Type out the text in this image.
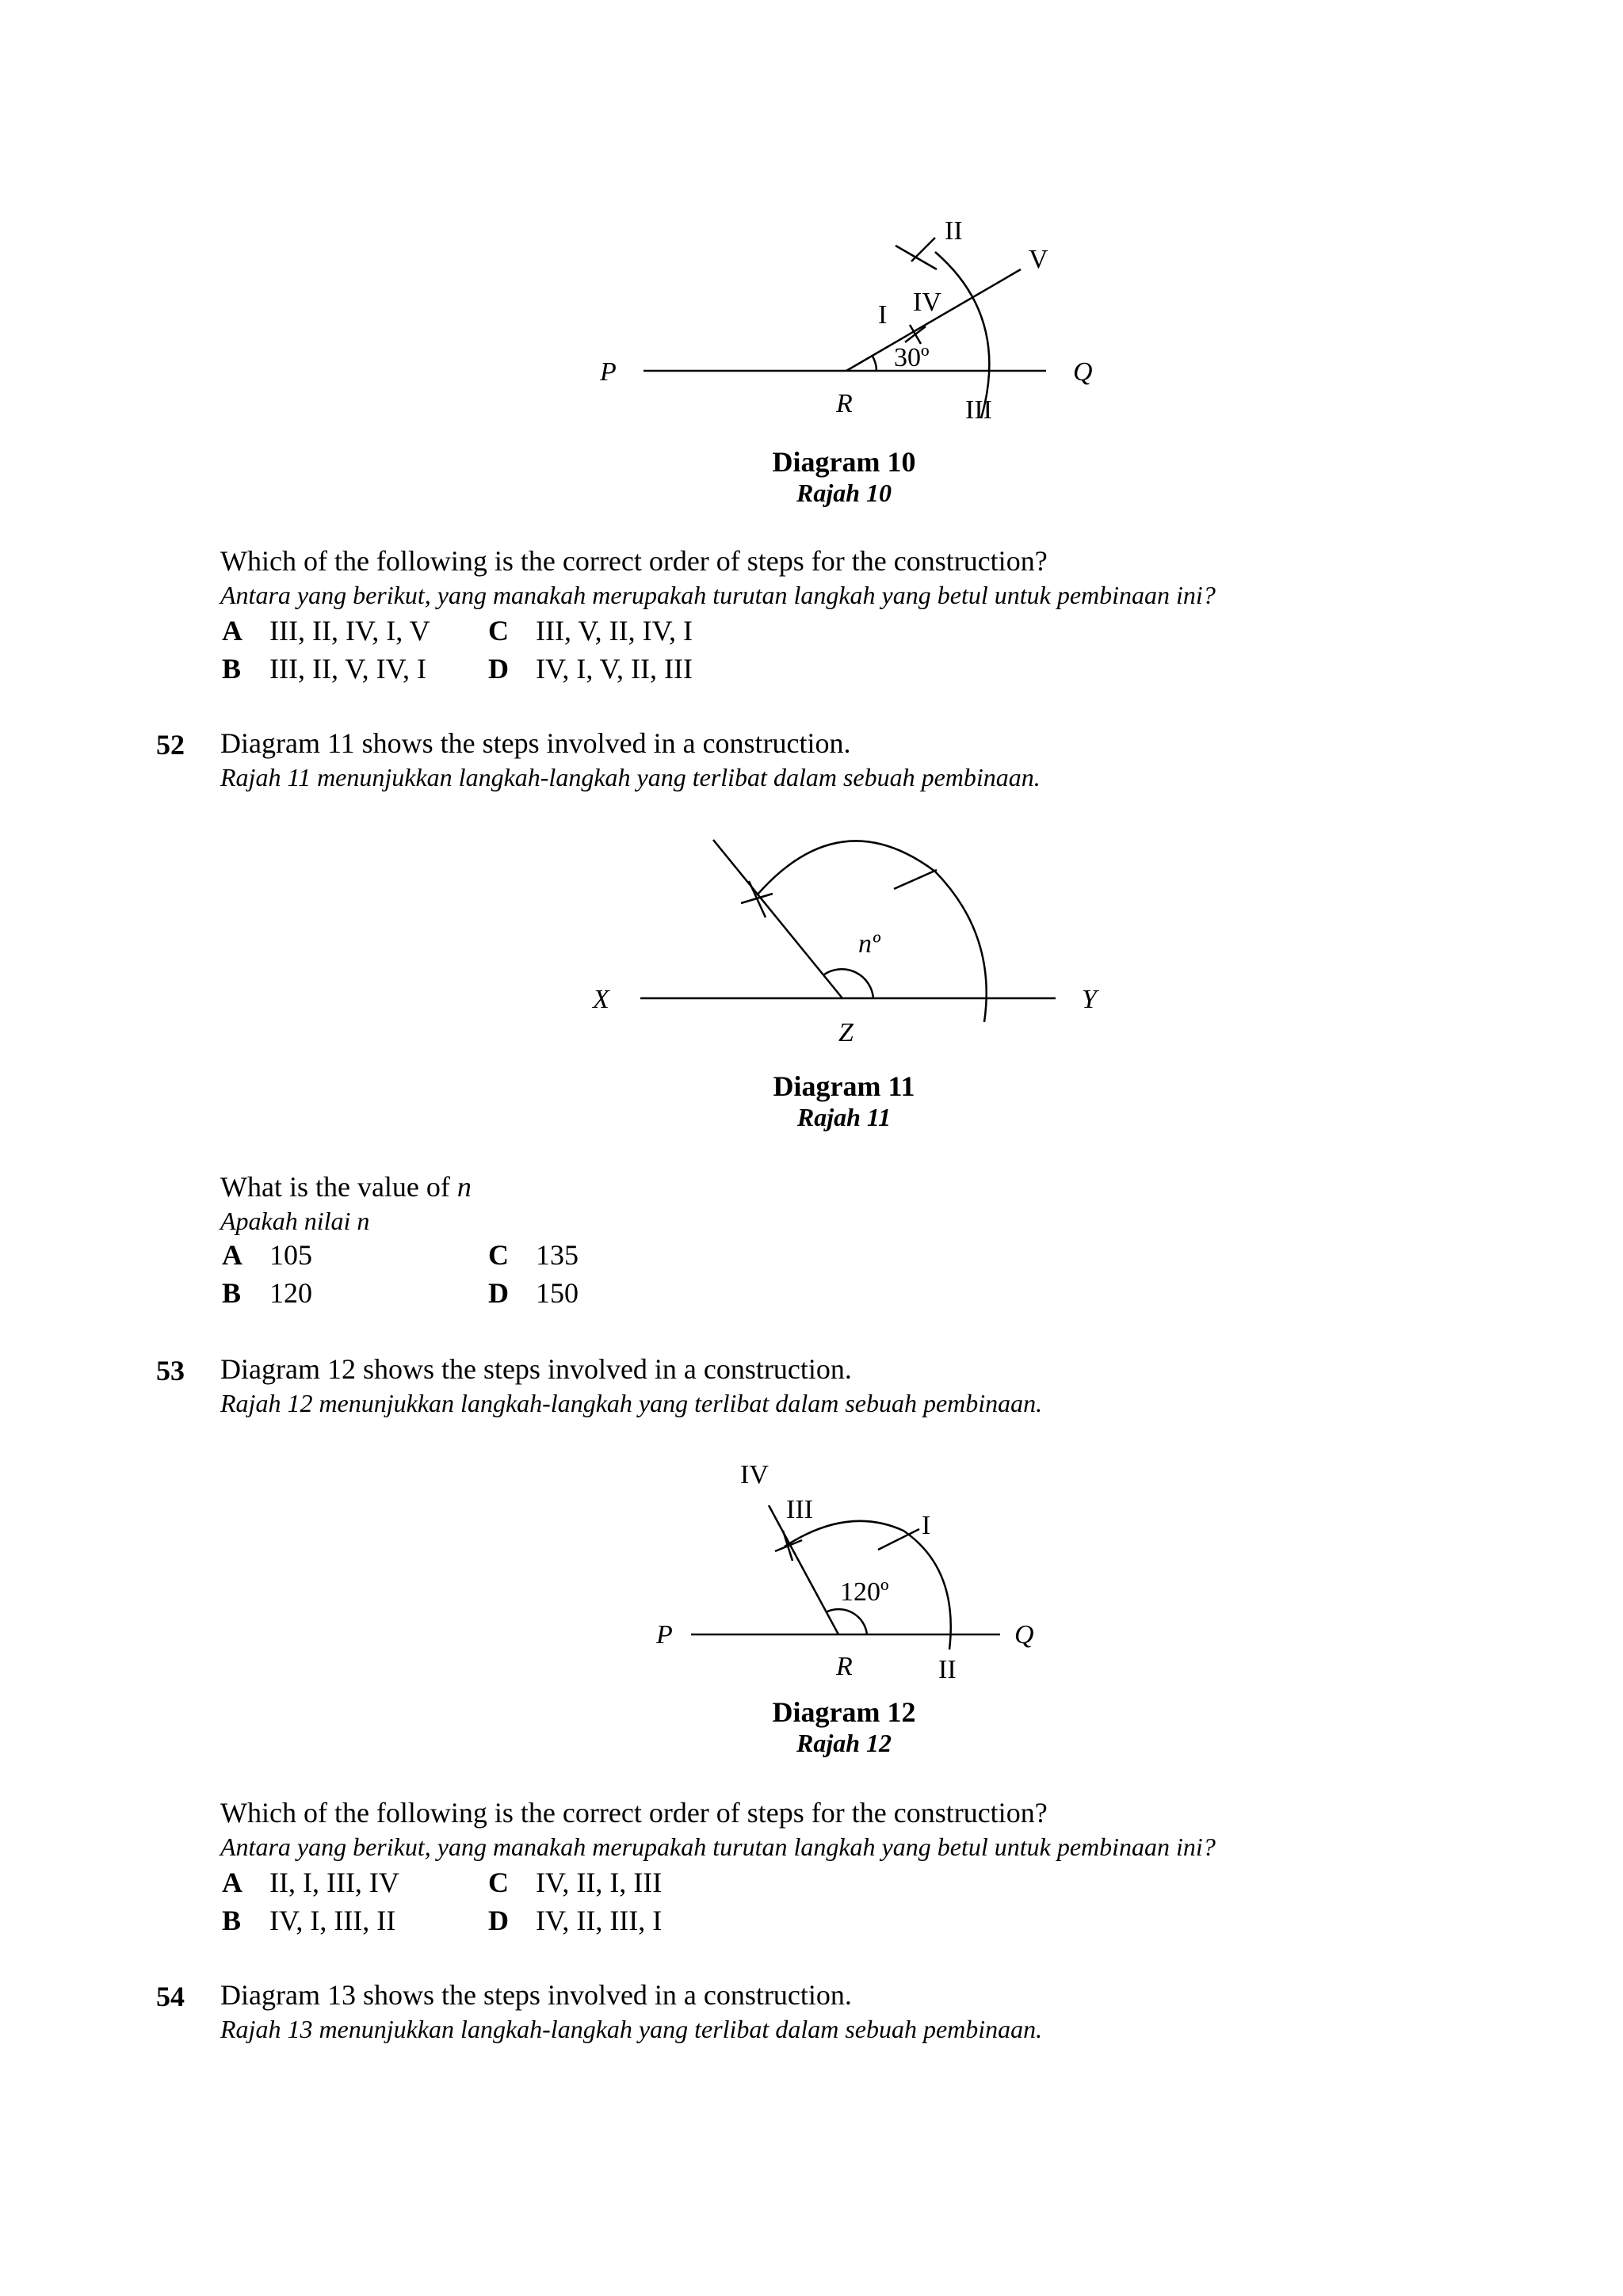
P	Q
R
II
V
I IV
III
30º
Diagram 10
Rajah 10
Which of the following is the correct order of steps for the construction?
Antara yang berikut, yang manakah merupakah turutan langkah yang betul untuk pembinaan ini?
A III, II, IV, I, V C III, V, II, IV, I
B III, II, V, IV, I D IV, I, V, II, III
52 Diagram 11 shows the steps involved in a construction.
Rajah 11 menunjukkan langkah-langkah yang terlibat dalam sebuah pembinaan.
X	Y
Z
nº
Diagram 11
Rajah 11
What is the value of n
Apakah nilai n
A 105	C 135
B 120	D 150
53 Diagram 12 shows the steps involved in a construction.
Rajah 12 menunjukkan langkah-langkah yang terlibat dalam sebuah pembinaan.
P	Q
R
IV
III
I
II
120º
Diagram 12
Rajah 12
Which of the following is the correct order of steps for the construction?
Antara yang berikut, yang manakah merupakah turutan langkah yang betul untuk pembinaan ini?
A II, I, III, IV	C IV, II, I, III
B IV, I, III, II	D IV, II, III, I
54 Diagram 13 shows the steps involved in a construction.
Rajah 13 menunjukkan langkah-langkah yang terlibat dalam sebuah pembinaan.
